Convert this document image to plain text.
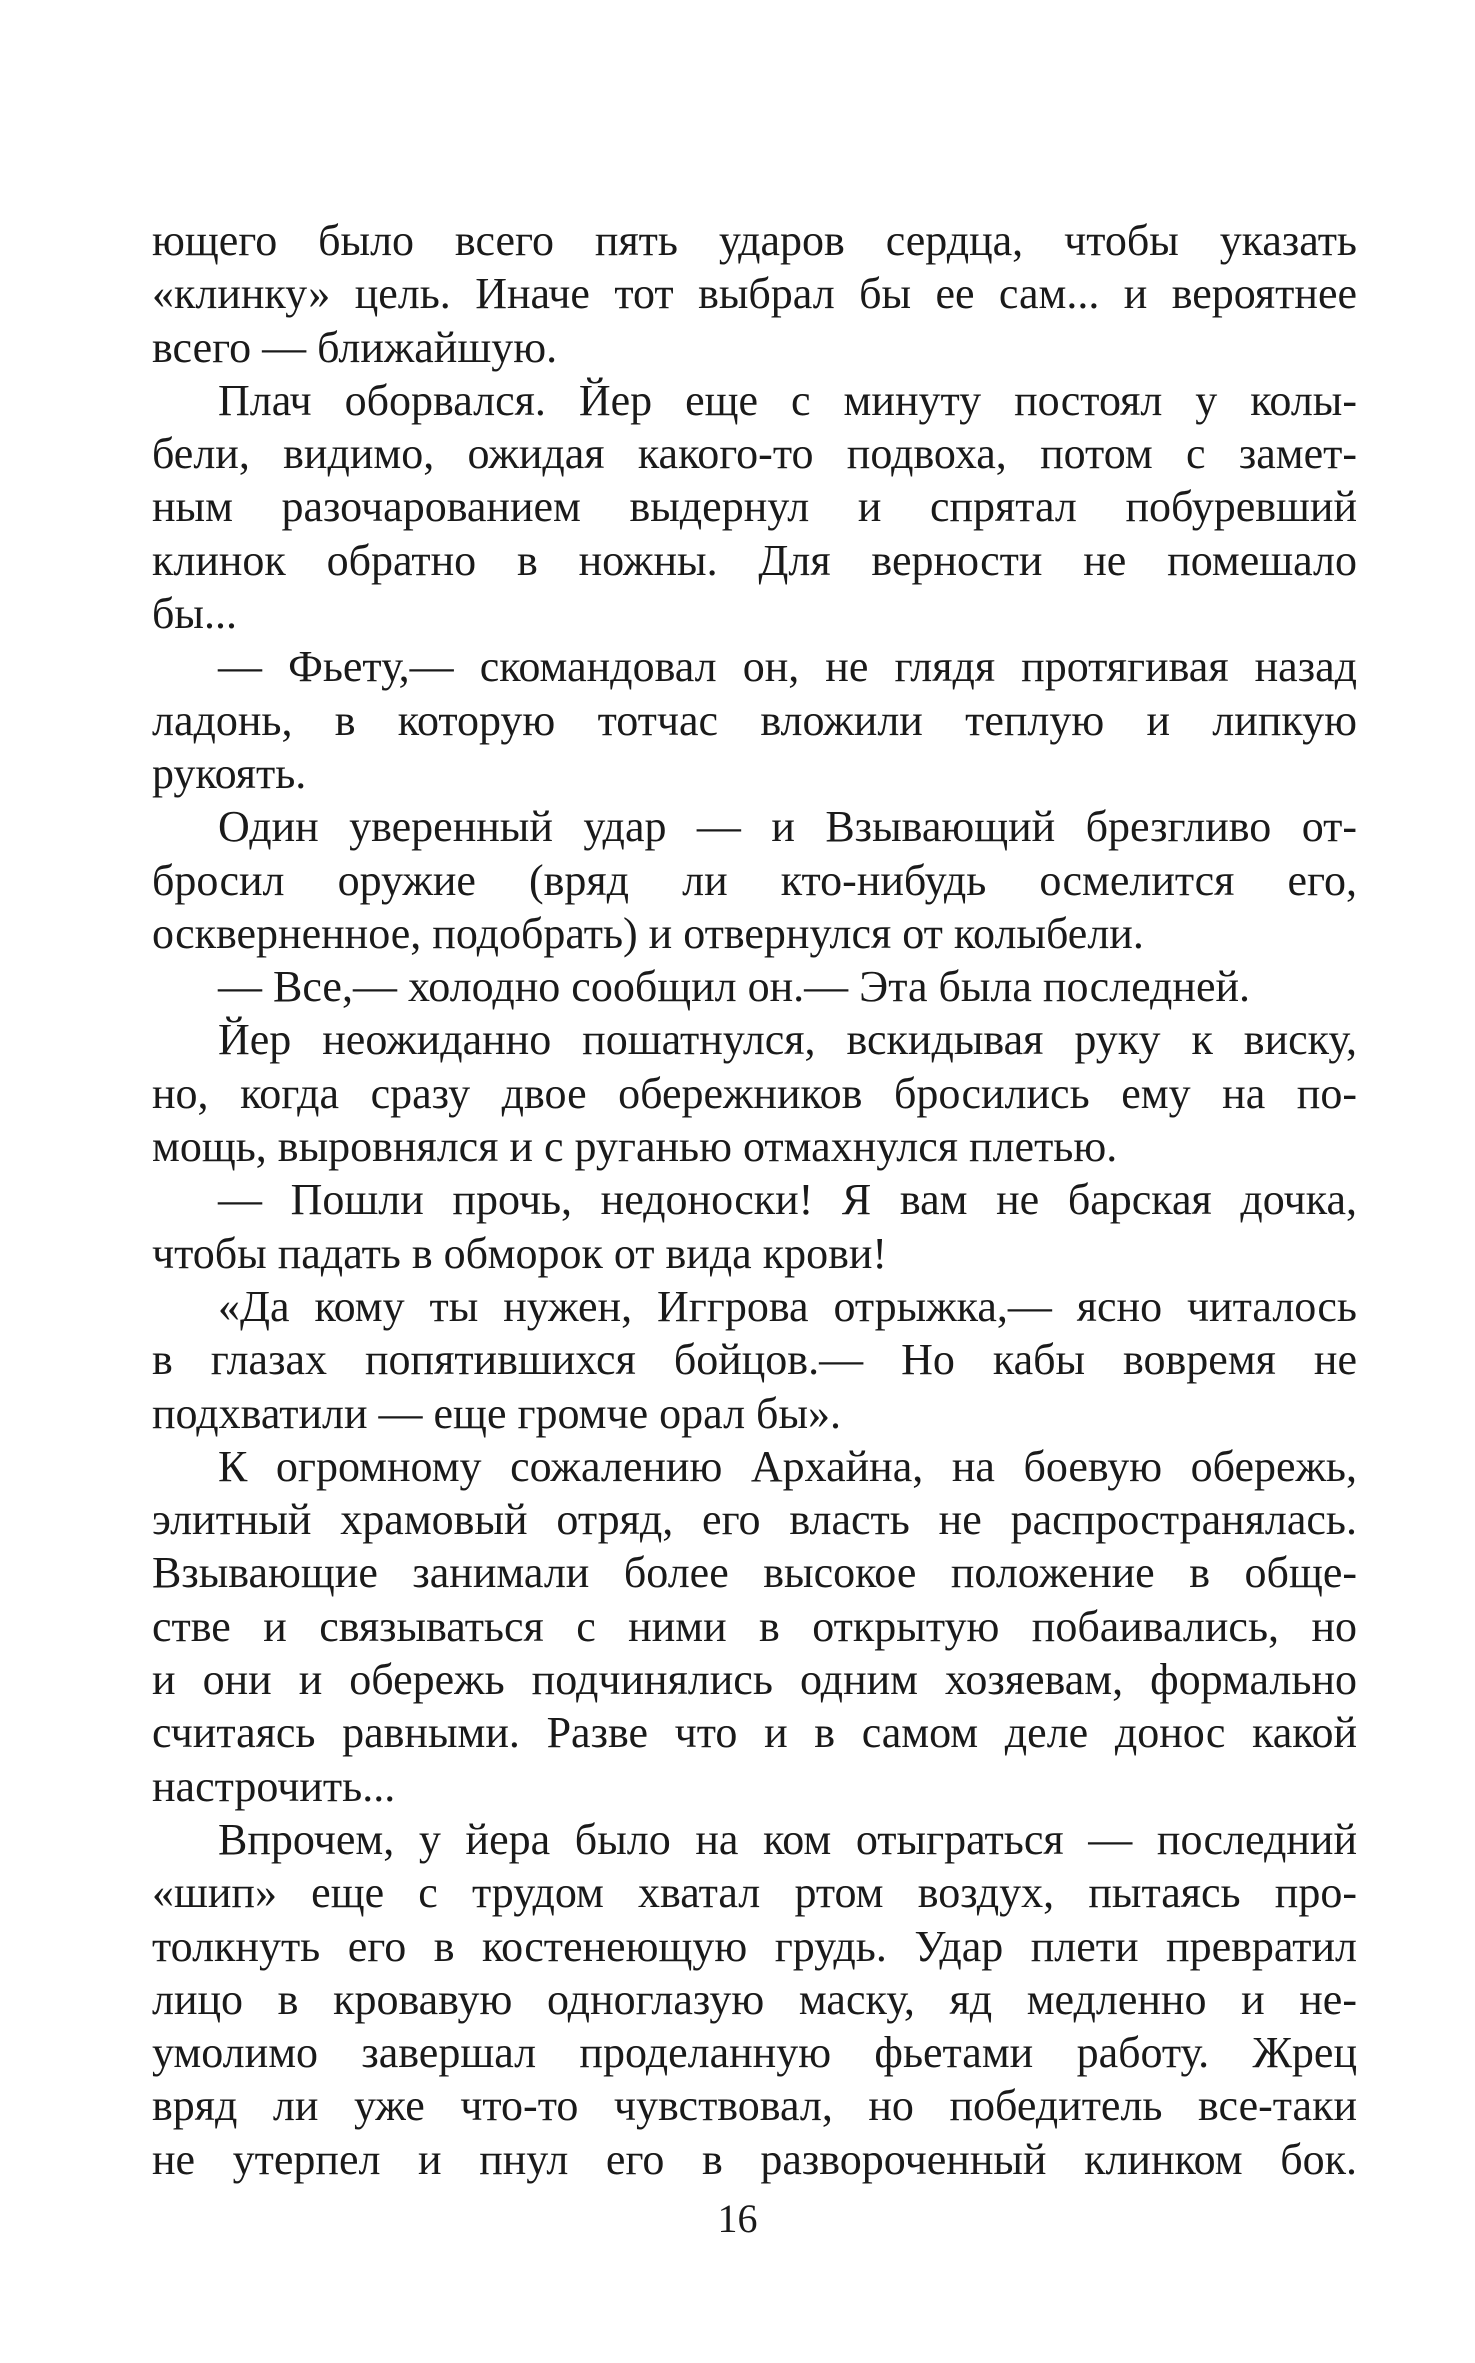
ющего было всего пять ударов сердца, чтобы указать
«клинку» цель. Иначе тот выбрал бы ее сам... и вероятнее
всего — ближайшую.
Плач оборвался. Йер еще с минуту постоял у колы-
бели, видимо, ожидая какого-то подвоха, потом с замет-
ным разочарованием выдернул и спрятал побуревший
клинок обратно в ножны. Для верности не помешало
бы...
— Фьету,— скомандовал он, не глядя протягивая назад
ладонь, в которую тотчас вложили теплую и липкую
рукоять.
Один уверенный удар — и Взывающий брезгливо от-
бросил оружие (вряд ли кто-нибудь осмелится его,
оскверненное, подобрать) и отвернулся от колыбели.
— Все,— холодно сообщил он.— Эта была последней.
Йер неожиданно пошатнулся, вскидывая руку к виску,
но, когда сразу двое обережников бросились ему на по-
мощь, выровнялся и с руганью отмахнулся плетью.
— Пошли прочь, недоноски! Я вам не барская дочка,
чтобы падать в обморок от вида крови!
«Да кому ты нужен, Иггрова отрыжка,— ясно читалось
в глазах попятившихся бойцов.— Но кабы вовремя не
подхватили — еще громче орал бы».
К огромному сожалению Архайна, на боевую обережь,
элитный храмовый отряд, его власть не распространялась.
Взывающие занимали более высокое положение в обще-
стве и связываться с ними в открытую побаивались, но
и они и обережь подчинялись одним хозяевам, формально
считаясь равными. Разве что и в самом деле донос какой
настрочить...
Впрочем, у йера было на ком отыграться — последний
«шип» еще с трудом хватал ртом воздух, пытаясь про-
толкнуть его в костенеющую грудь. Удар плети превратил
лицо в кровавую одноглазую маску, яд медленно и не-
умолимо завершал проделанную фьетами работу. Жрец
вряд ли уже что-то чувствовал, но победитель все-таки
не утерпел и пнул его в развороченный клинком бок.
16
